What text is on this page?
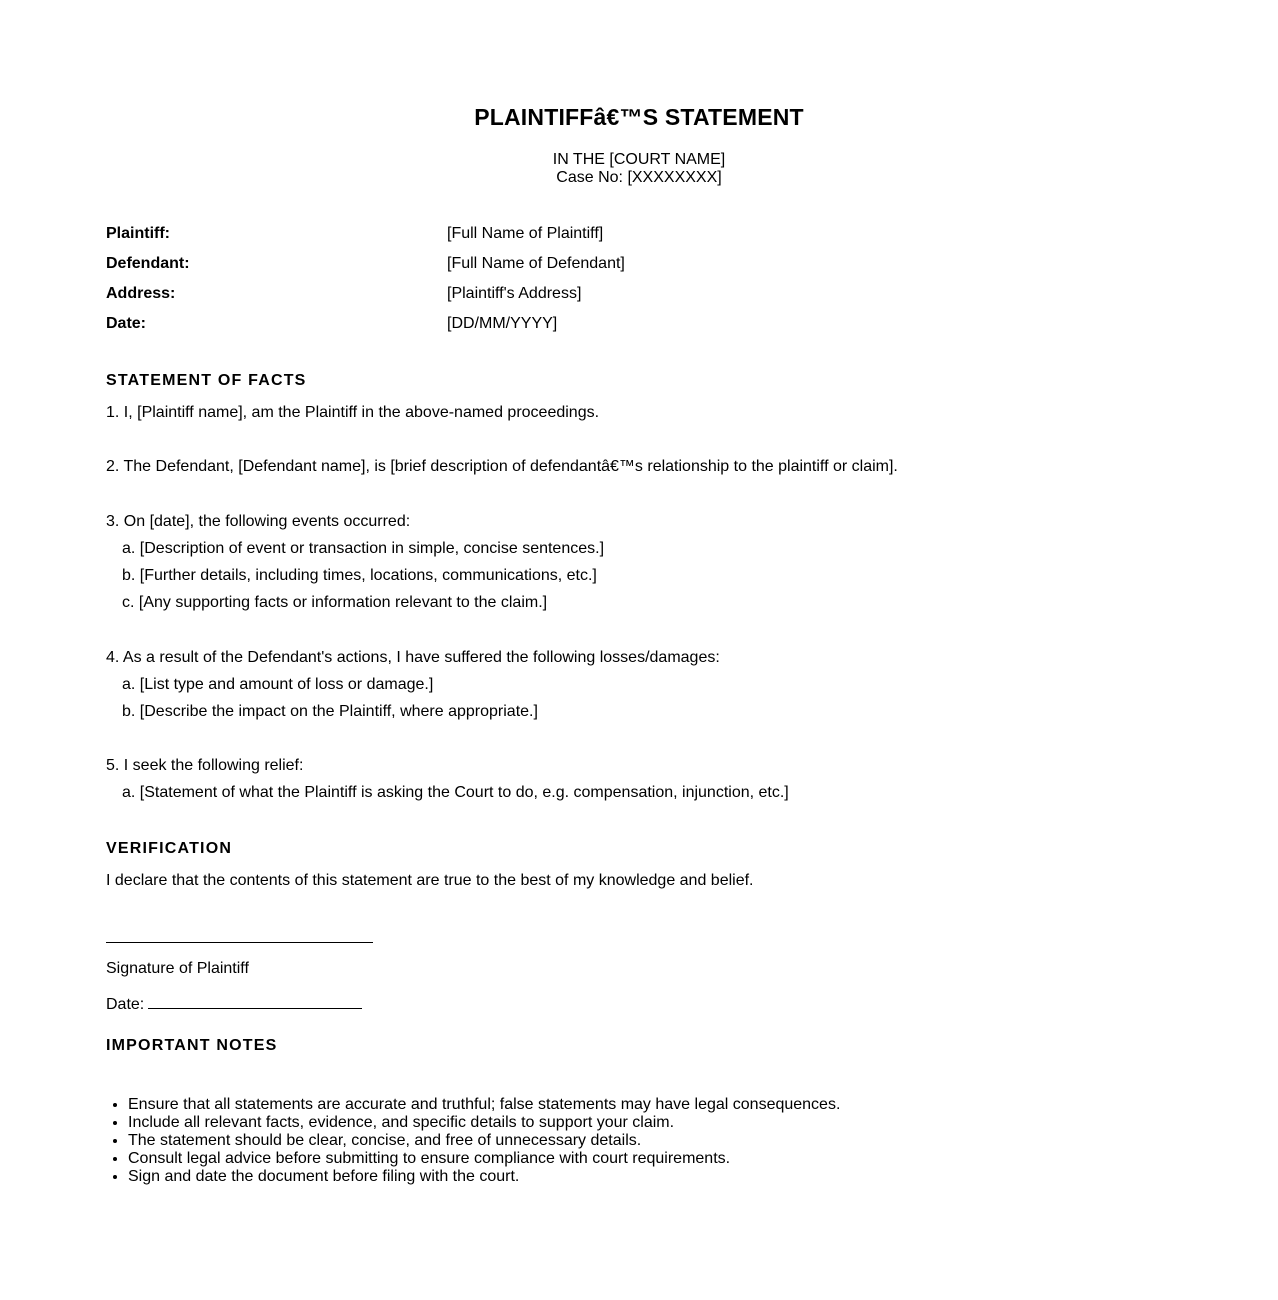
PLAINTIFFâ€™S STATEMENT
IN THE [COURT NAME]
Case No: [XXXXXXXX]
Plaintiff:	[Full Name of Plaintiff]
Defendant:	[Full Name of Defendant]
Address:	[Plaintiff's Address]
Date:	[DD/MM/YYYY]
STATEMENT OF FACTS
1. I, [Plaintiff name], am the Plaintiff in the above-named proceedings.
2. The Defendant, [Defendant name], is [brief description of defendantâ€™s relationship to the plaintiff or claim].
3. On [date], the following events occurred:
a. [Description of event or transaction in simple, concise sentences.]
b. [Further details, including times, locations, communications, etc.]
c. [Any supporting facts or information relevant to the claim.]
4. As a result of the Defendant's actions, I have suffered the following losses/damages:
a. [List type and amount of loss or damage.]
b. [Describe the impact on the Plaintiff, where appropriate.]
5. I seek the following relief:
a. [Statement of what the Plaintiff is asking the Court to do, e.g. compensation, injunction, etc.]
VERIFICATION
I declare that the contents of this statement are true to the best of my knowledge and belief.
Signature of Plaintiff
Date:
IMPORTANT NOTES
• Ensure that all statements are accurate and truthful; false statements may have legal consequences.
• Include all relevant facts, evidence, and specific details to support your claim.
• The statement should be clear, concise, and free of unnecessary details.
• Consult legal advice before submitting to ensure compliance with court requirements.
• Sign and date the document before filing with the court.
